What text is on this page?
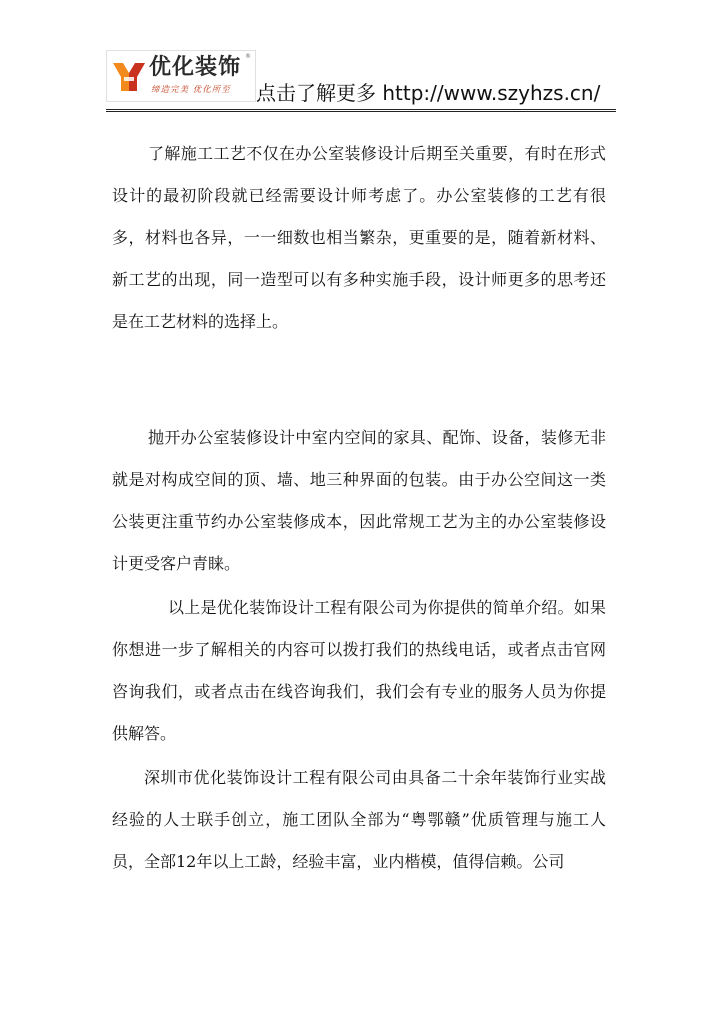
优化装饰
缔造完美 优化所至
®
点击了解更多 http://www.szyhzs.cn/

了解施工工艺不仅在办公室装修设计后期至关重要，有时在形式设计的最初阶段就已经需要设计师考虑了。办公室装修的工艺有很多，材料也各异，一一细数也相当繁杂，更重要的是，随着新材料、新工艺的出现，同一造型可以有多种实施手段，设计师更多的思考还是在工艺材料的选择上。

抛开办公室装修设计中室内空间的家具、配饰、设备，装修无非就是对构成空间的顶、墙、地三种界面的包装。由于办公空间这一类公装更注重节约办公室装修成本，因此常规工艺为主的办公室装修设计更受客户青睐。

以上是优化装饰设计工程有限公司为你提供的简单介绍。如果你想进一步了解相关的内容可以拨打我们的热线电话，或者点击官网咨询我们，或者点击在线咨询我们，我们会有专业的服务人员为你提供解答。

深圳市优化装饰设计工程有限公司由具备二十余年装饰行业实战经验的人士联手创立，施工团队全部为“粤鄂赣”优质管理与施工人员，全部12年以上工龄，经验丰富，业内楷模，值得信赖。公司
